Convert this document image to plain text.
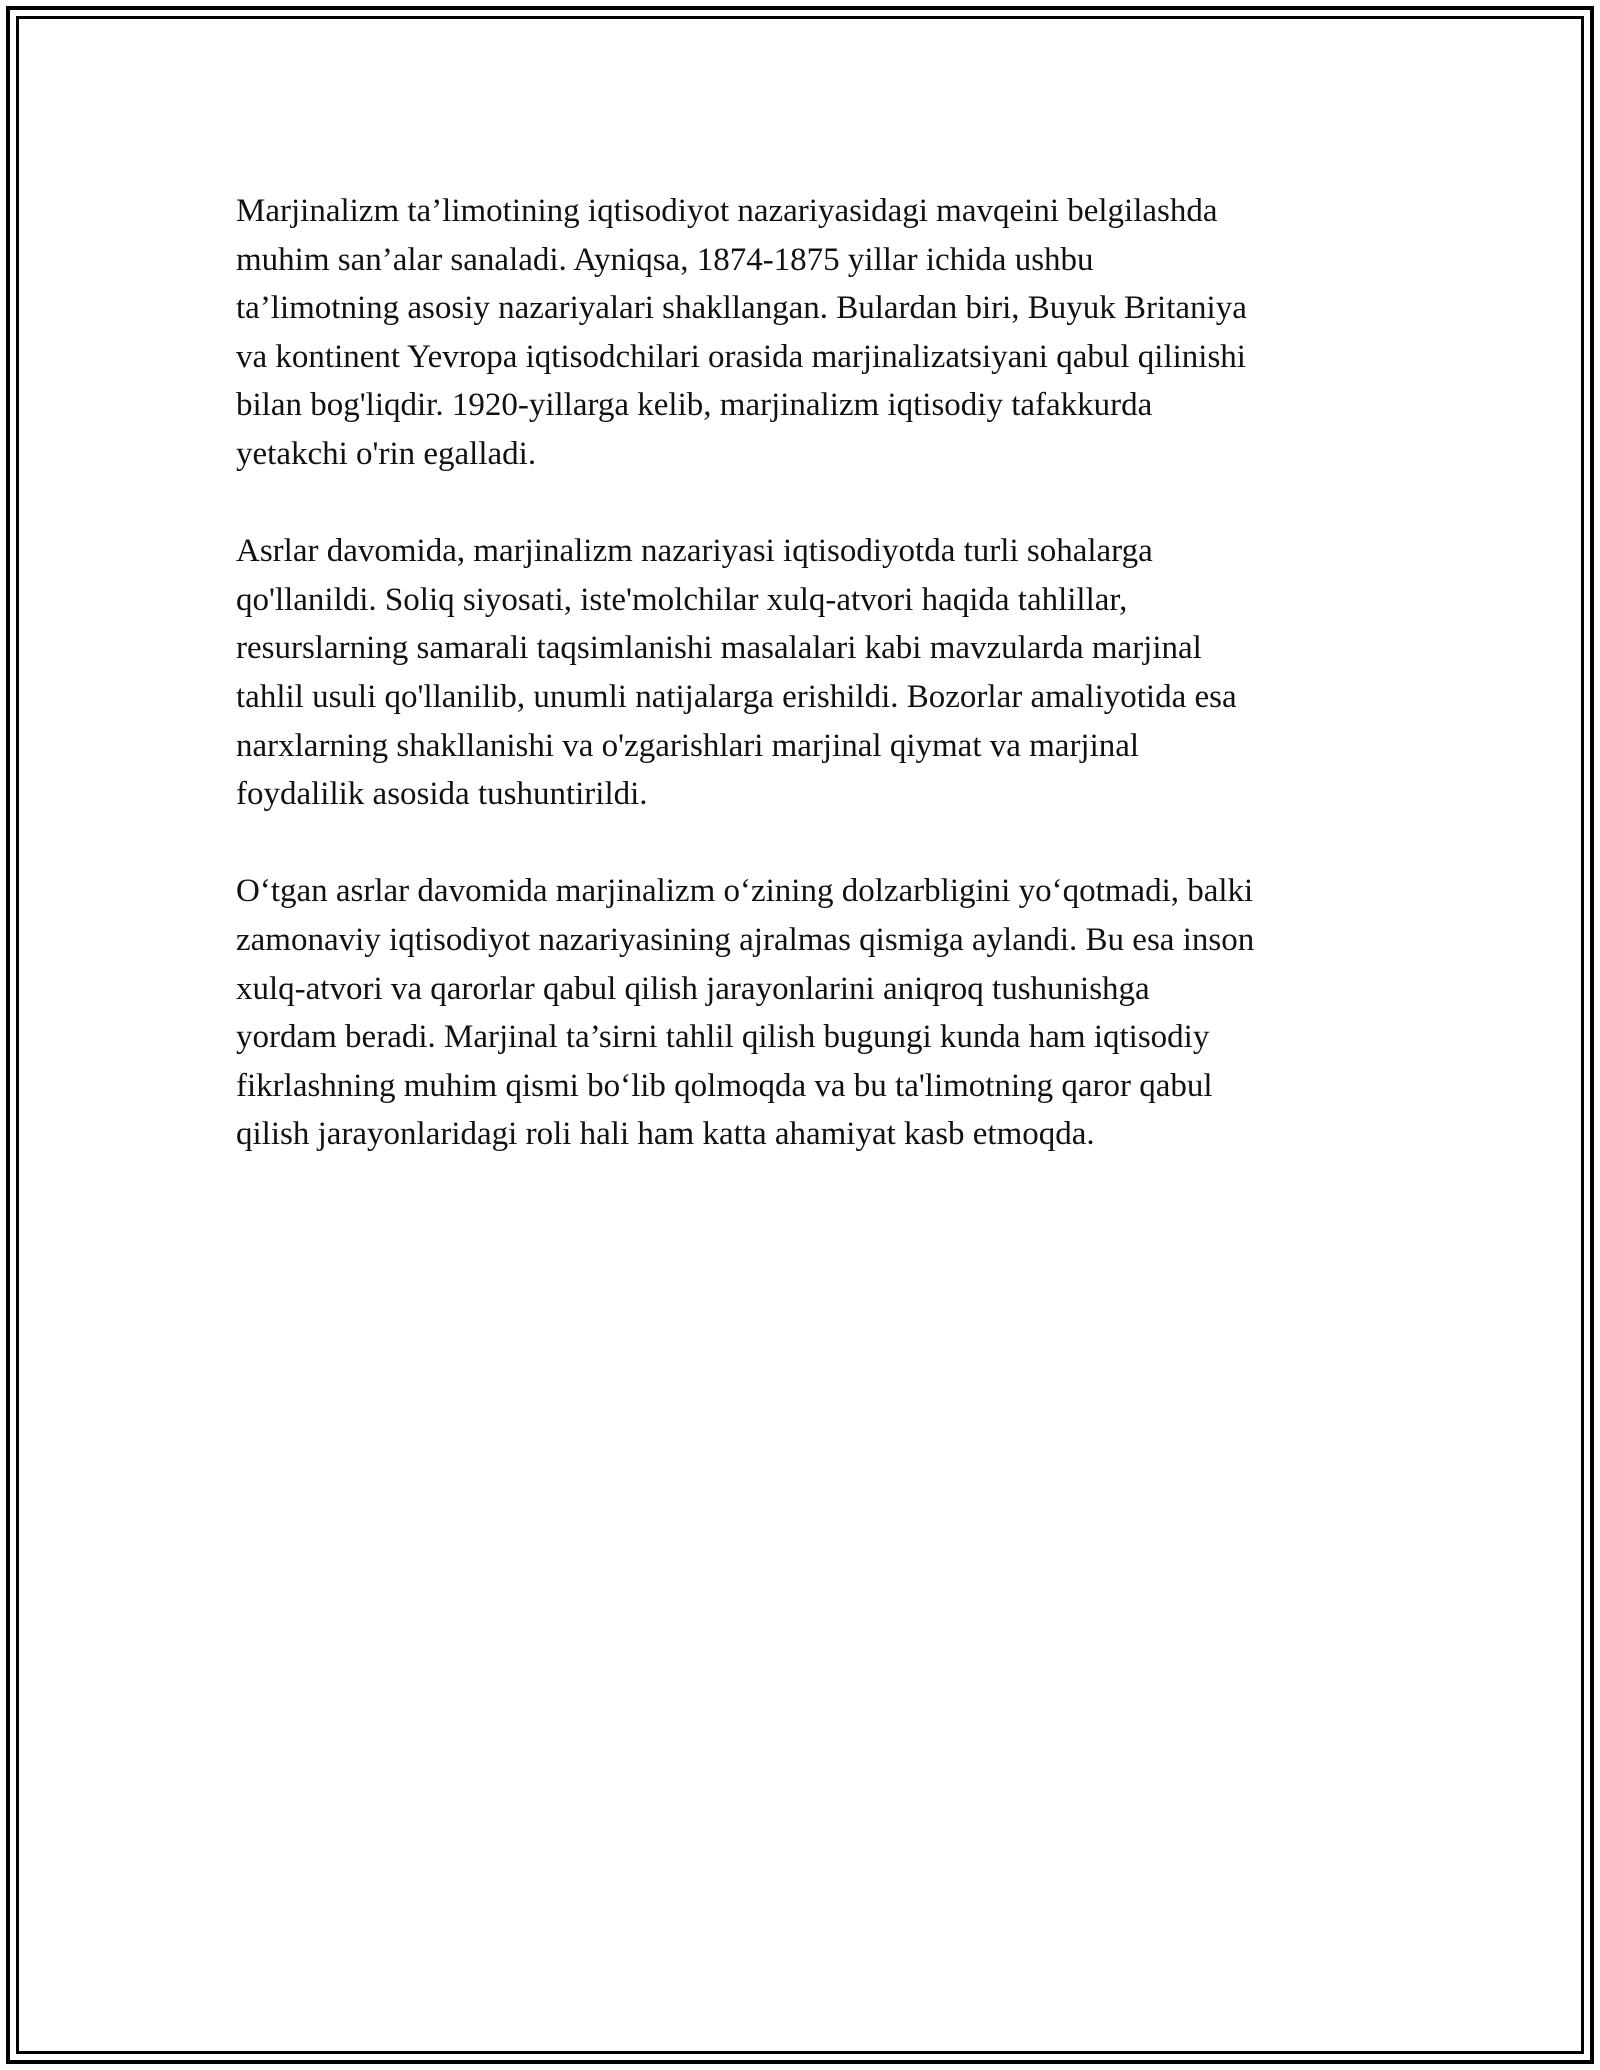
Marjinalizm ta’limotining iqtisodiyot nazariyasidagi mavqeini belgilashda
muhim san’alar sanaladi. Ayniqsa, 1874-1875 yillar ichida ushbu
ta’limotning asosiy nazariyalari shakllangan. Bulardan biri, Buyuk Britaniya
va kontinent Yevropa iqtisodchilari orasida marjinalizatsiyani qabul qilinishi
bilan bog'liqdir. 1920-yillarga kelib, marjinalizm iqtisodiy tafakkurda
yetakchi o'rin egalladi.

Asrlar davomida, marjinalizm nazariyasi iqtisodiyotda turli sohalarga
qo'llanildi. Soliq siyosati, iste'molchilar xulq-atvori haqida tahlillar,
resurslarning samarali taqsimlanishi masalalari kabi mavzularda marjinal
tahlil usuli qo'llanilib, unumli natijalarga erishildi. Bozorlar amaliyotida esa
narxlarning shakllanishi va o'zgarishlari marjinal qiymat va marjinal
foydalilik asosida tushuntirildi.

O‘tgan asrlar davomida marjinalizm o‘zining dolzarbligini yo‘qotmadi, balki
zamonaviy iqtisodiyot nazariyasining ajralmas qismiga aylandi. Bu esa inson
xulq-atvori va qarorlar qabul qilish jarayonlarini aniqroq tushunishga
yordam beradi. Marjinal ta’sirni tahlil qilish bugungi kunda ham iqtisodiy
fikrlashning muhim qismi bo‘lib qolmoqda va bu ta'limotning qaror qabul
qilish jarayonlaridagi roli hali ham katta ahamiyat kasb etmoqda.
